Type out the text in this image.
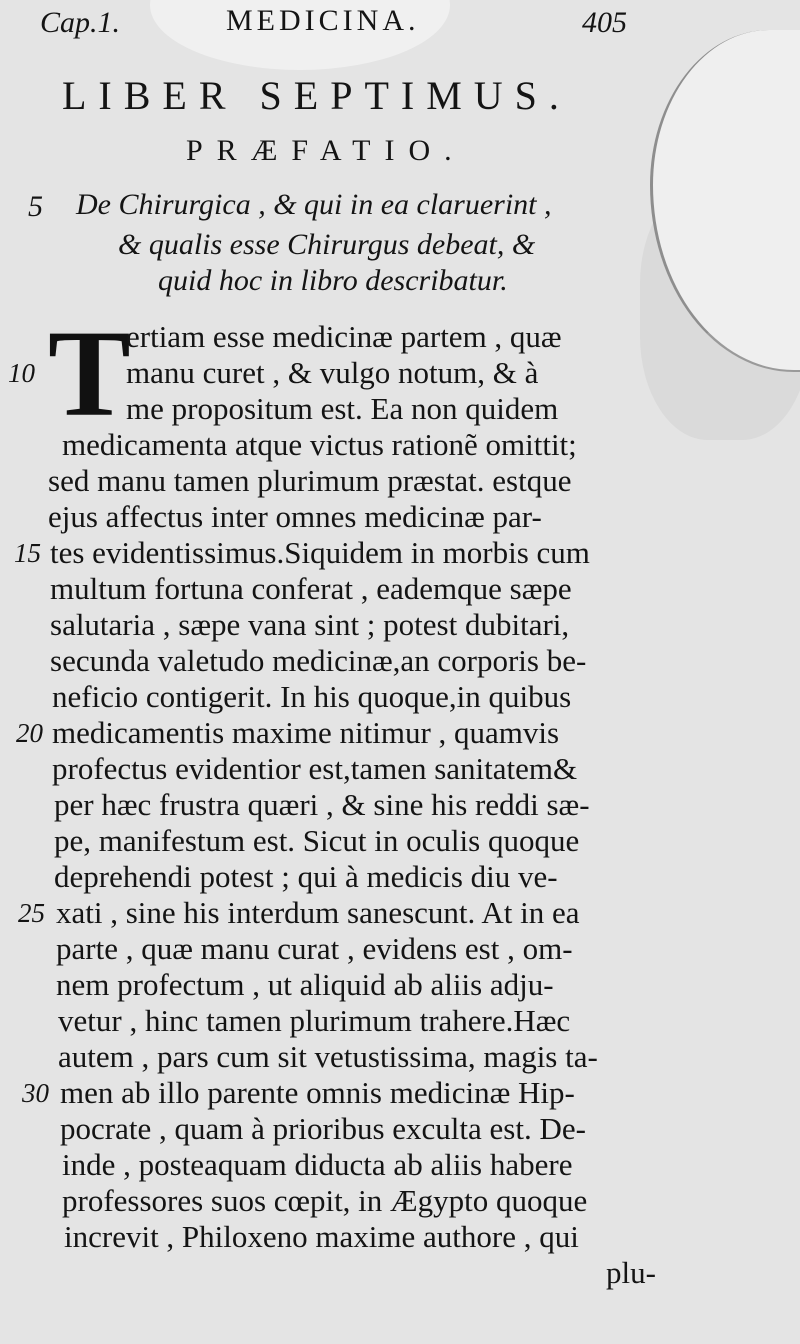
Cap.1.	MEDICINA.	405
LIBER SEPTIMUS.
PRÆFATIO.
5 De Chirurgica , & qui in ea claruerint ,
& qualis esse Chirurgus debeat, &
quid hoc in libro describatur.
T
ertiam esse medicinæ partem , quæ
manu curet , & vulgo notum, & à
me propositum est. Ea non quidem
medicamenta atque victus rationẽ omittit;
sed manu tamen plurimum præstat. estque
ejus affectus inter omnes medicinæ par-
tes evidentissimus.Siquidem in morbis cum
multum fortuna conferat , eademque sæpe
salutaria , sæpe vana sint ; potest dubitari,
secunda valetudo medicinæ,an corporis be-
neficio contigerit. In his quoque,in quibus
medicamentis maxime nitimur , quamvis
profectus evidentior est,tamen sanitatem&
per hæc frustra quæri , & sine his reddi sæ-
pe, manifestum est. Sicut in oculis quoque
deprehendi potest ; qui à medicis diu ve-
xati , sine his interdum sanescunt. At in ea
parte , quæ manu curat , evidens est , om-
nem profectum , ut aliquid ab aliis adju-
vetur , hinc tamen plurimum trahere.Hæc
autem , pars cum sit vetustissima, magis ta-
men ab illo parente omnis medicinæ Hip-
pocrate , quam à prioribus exculta est. De-
inde , posteaquam diducta ab aliis habere
professores suos cœpit, in Ægypto quoque
increvit , Philoxeno maxime authore , qui
plu-
10
15
20
25
30
